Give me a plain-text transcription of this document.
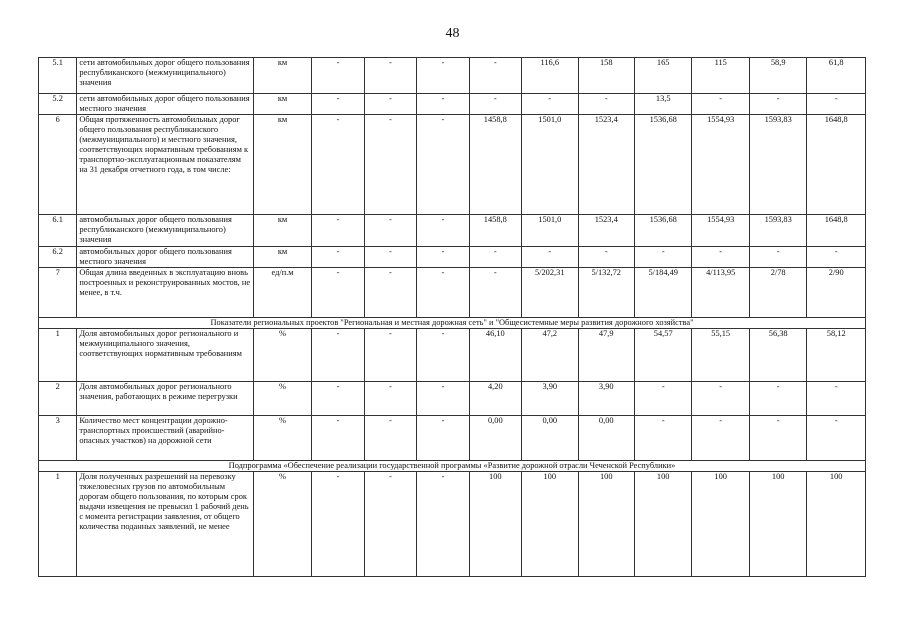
48
5.1	сети автомобильных дорог общего пользования республиканского (межмуниципального) значения	км	-	-	-	-	116,6	158	165	115	58,9	61,8
5.2	сети автомобильных дорог общего пользования местного значения	км	-	-	-	-	-	-	13,5	-	-	-
6	Общая протяженность автомобильных дорог общего пользования республиканского (межмуниципального) и местного значения, соответствующих нормативным требованиям к транспортно-эксплуатационным показателям на 31 декабря отчетного года, в том числе:	км	-	-	-	1458,8	1501,0	1523,4	1536,68	1554,93	1593,83	1648,8
6.1	автомобильных дорог общего пользования республиканского (межмуниципального) значения	км	-	-	-	1458,8	1501,0	1523,4	1536,68	1554,93	1593,83	1648,8
6.2	автомобильных дорог общего пользования местного значения	км	-	-	-	-	-	-	-	-	-	-
7	Общая длина введенных в эксплуатацию вновь построенных и реконструированных мостов, не менее, в т.ч.	ед/п.м	-	-	-	-	5/202,31	5/132,72	5/184,49	4/113,95	2/78	2/90
Показатели региональных проектов "Региональная и местная дорожная сеть" и "Общесистемные меры развития дорожного хозяйства"												
1	Доля автомобильных дорог регионального и межмуниципального значения, соответствующих нормативным требованиям	%	-	-	-	46,10	47,2	47,9	54,57	55,15	56,38	58,12
2	Доля автомобильных дорог регионального значения, работающих в режиме перегрузки	%	-	-	-	4,20	3,90	3,90	-	-	-	-
3	Количество мест концентрации дорожно-транспортных происшествий (аварийно-опасных участков) на дорожной сети	%	-	-	-	0,00	0,00	0,00	-	-	-	-
Подпрограмма «Обеспечение реализации государственной программы «Развитие дорожной отрасли Чеченской Республики»												
1	Доля полученных разрешений на перевозку тяжеловесных грузов по автомобильным дорогам общего пользования, по которым срок выдачи извещения не превысил 1 рабочий день с момента регистрации заявления, от общего количества поданных заявлений, не менее	%	-	-	-	100	100	100	100	100	100	100
